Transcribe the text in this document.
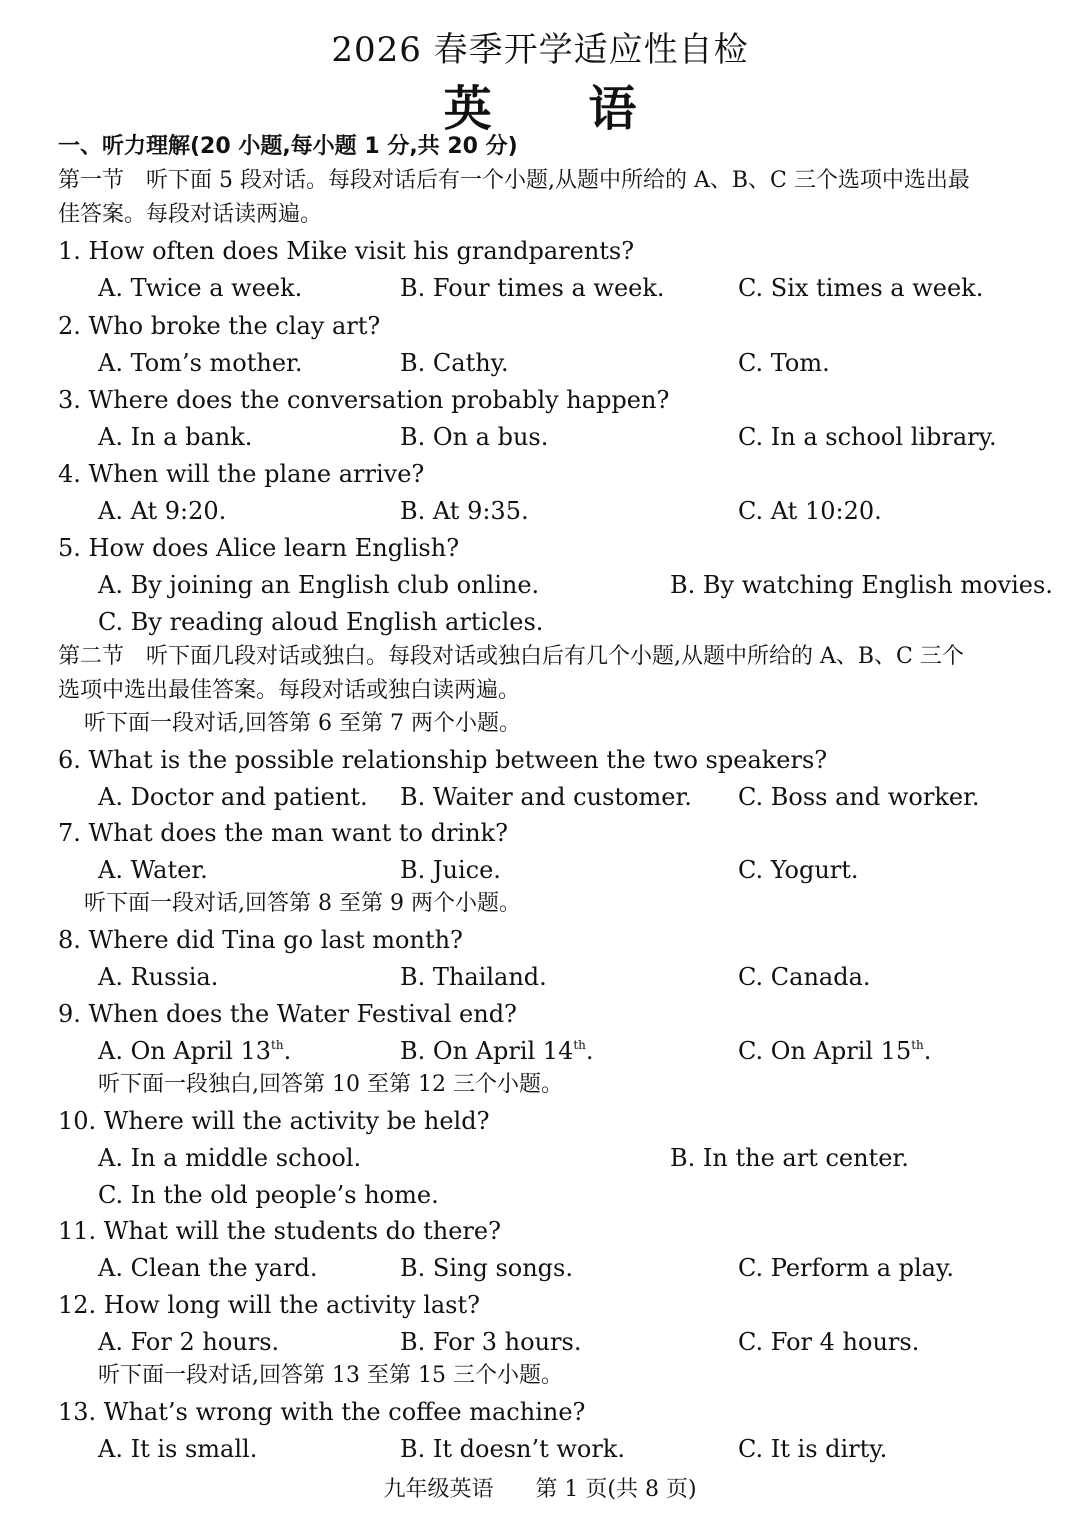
2026 春季开学适应性自检
英 语
一、听力理解(20 小题,每小题 1 分,共 20 分)
第一节　听下面 5 段对话。每段对话后有一个小题,从题中所给的 A、B、C 三个选项中选出最
佳答案。每段对话读两遍。
1. How often does Mike visit his grandparents?
A. Twice a week.	B. Four times a week.	C. Six times a week.
2. Who broke the clay art?
A. Tom’s mother.	B. Cathy.	C. Tom.
3. Where does the conversation probably happen?
A. In a bank.	B. On a bus.	C. In a school library.
4. When will the plane arrive?
A. At 9:20.	B. At 9:35.	C. At 10:20.
5. How does Alice learn English?
A. By joining an English club online.	B. By watching English movies.
C. By reading aloud English articles.
第二节　听下面几段对话或独白。每段对话或独白后有几个小题,从题中所给的 A、B、C 三个
选项中选出最佳答案。每段对话或独白读两遍。
听下面一段对话,回答第 6 至第 7 两个小题。
6. What is the possible relationship between the two speakers?
A. Doctor and patient. B. Waiter and customer. C. Boss and worker.
7. What does the man want to drink?
A. Water.	B. Juice.	C. Yogurt.
听下面一段对话,回答第 8 至第 9 两个小题。
8. Where did Tina go last month?
A. Russia.	B. Thailand.	C. Canada.
9. When does the Water Festival end?
A. On April 13th.	B. On April 14th.	C. On April 15th.
听下面一段独白,回答第 10 至第 12 三个小题。
10. Where will the activity be held?
A. In a middle school.	B. In the art center.
C. In the old people’s home.
11. What will the students do there?
A. Clean the yard.	B. Sing songs.	C. Perform a play.
12. How long will the activity last?
A. For 2 hours.	B. For 3 hours.	C. For 4 hours.
听下面一段对话,回答第 13 至第 15 三个小题。
13. What’s wrong with the coffee machine?
A. It is small.	B. It doesn’t work.	C. It is dirty.
九年级英语 第 1 页(共 8 页)
